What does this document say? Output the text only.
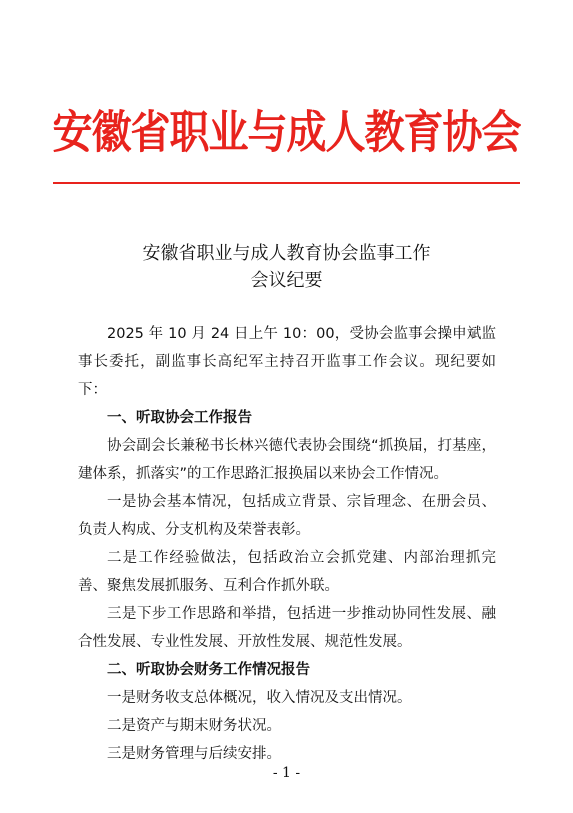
安徽省职业与成人教育协会
安徽省职业与成人教育协会监事工作
会议纪要

2025 年 10 月 24 日上午 10：00，受协会监事会操申斌监事长委托，副监事长高纪军主持召开监事工作会议。现纪要如下：

一、听取协会工作报告

协会副会长兼秘书长林兴德代表协会围绕“抓换届，打基座，建体系，抓落实”的工作思路汇报换届以来协会工作情况。

一是协会基本情况，包括成立背景、宗旨理念、在册会员、负责人构成、分支机构及荣誉表彰。

二是工作经验做法，包括政治立会抓党建、内部治理抓完善、聚焦发展抓服务、互利合作抓外联。

三是下步工作思路和举措，包括进一步推动协同性发展、融合性发展、专业性发展、开放性发展、规范性发展。

二、听取协会财务工作情况报告

一是财务收支总体概况，收入情况及支出情况。

二是资产与期末财务状况。

三是财务管理与后续安排。

- 1 -
